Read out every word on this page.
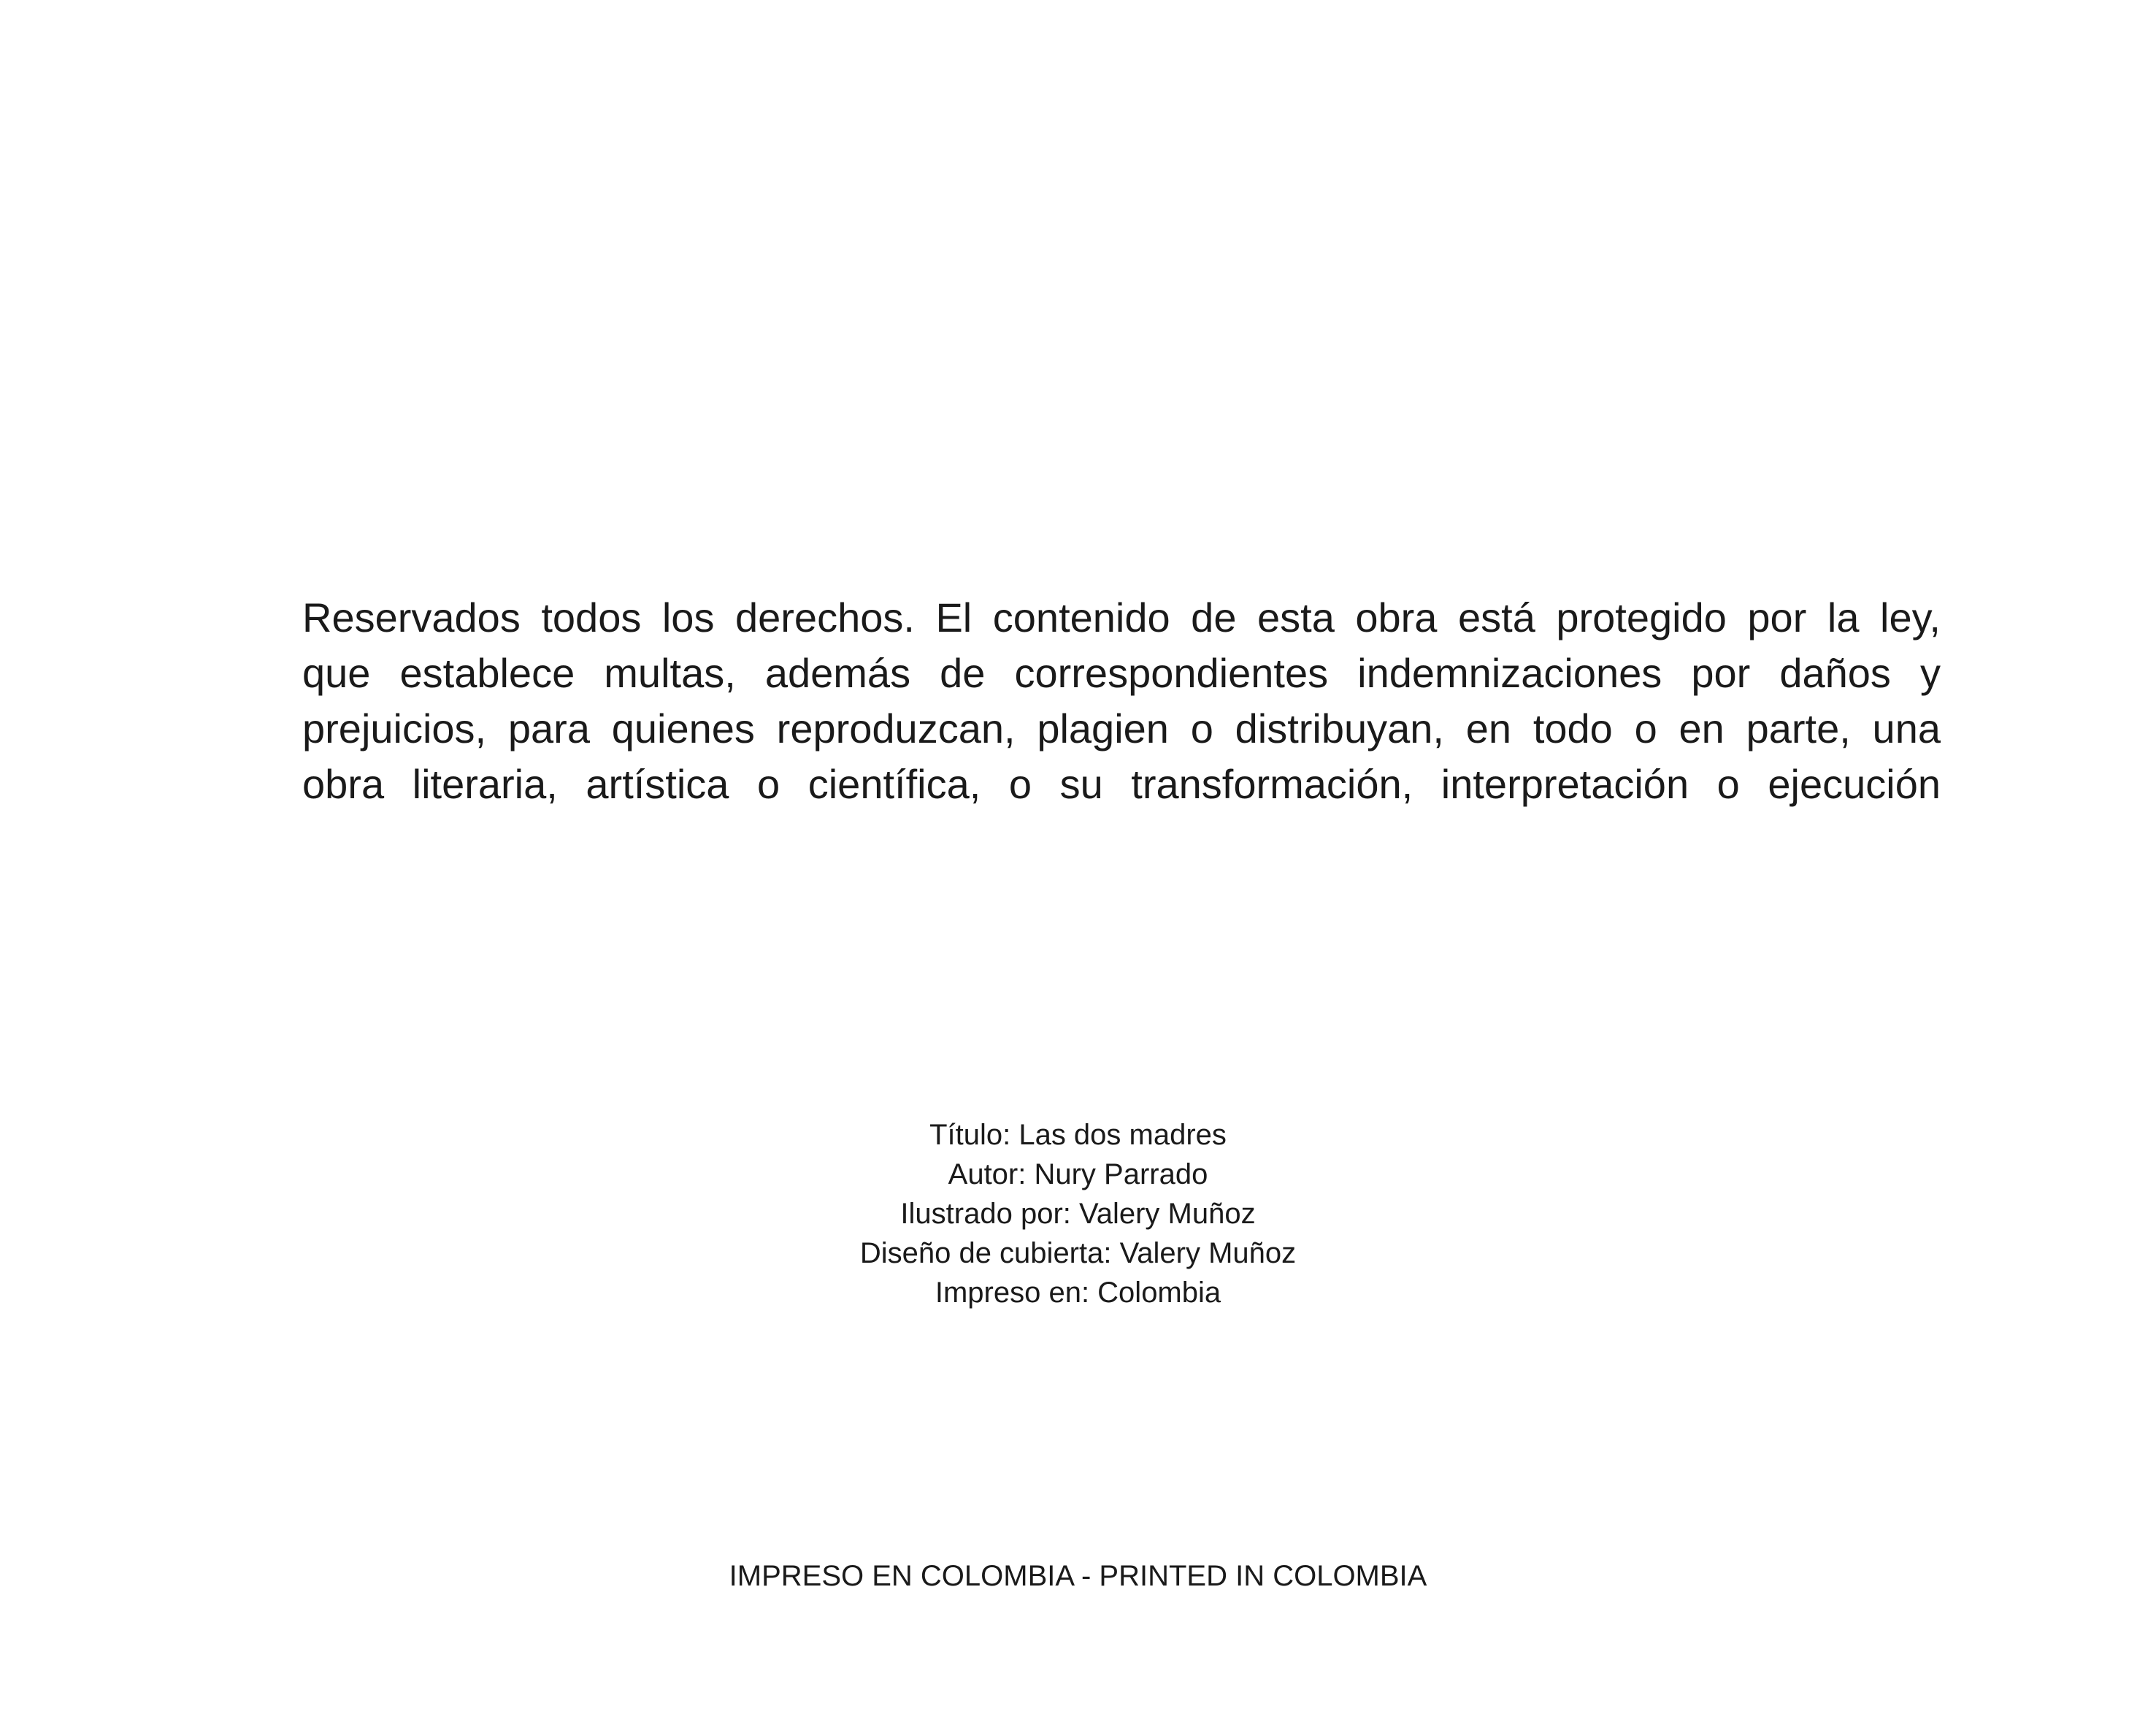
Reservados todos los derechos. El contenido de esta obra está protegido por la ley,
que establece multas, además de correspondientes indemnizaciones por daños y
prejuicios, para quienes reproduzcan, plagien o distribuyan, en todo o en parte, una
obra literaria, artística o científica, o su transformación, interpretación o ejecución
Título: Las dos madres
Autor: Nury Parrado
Ilustrado por: Valery Muñoz
Diseño de cubierta: Valery Muñoz
Impreso en: Colombia
IMPRESO EN COLOMBIA - PRINTED IN COLOMBIA
